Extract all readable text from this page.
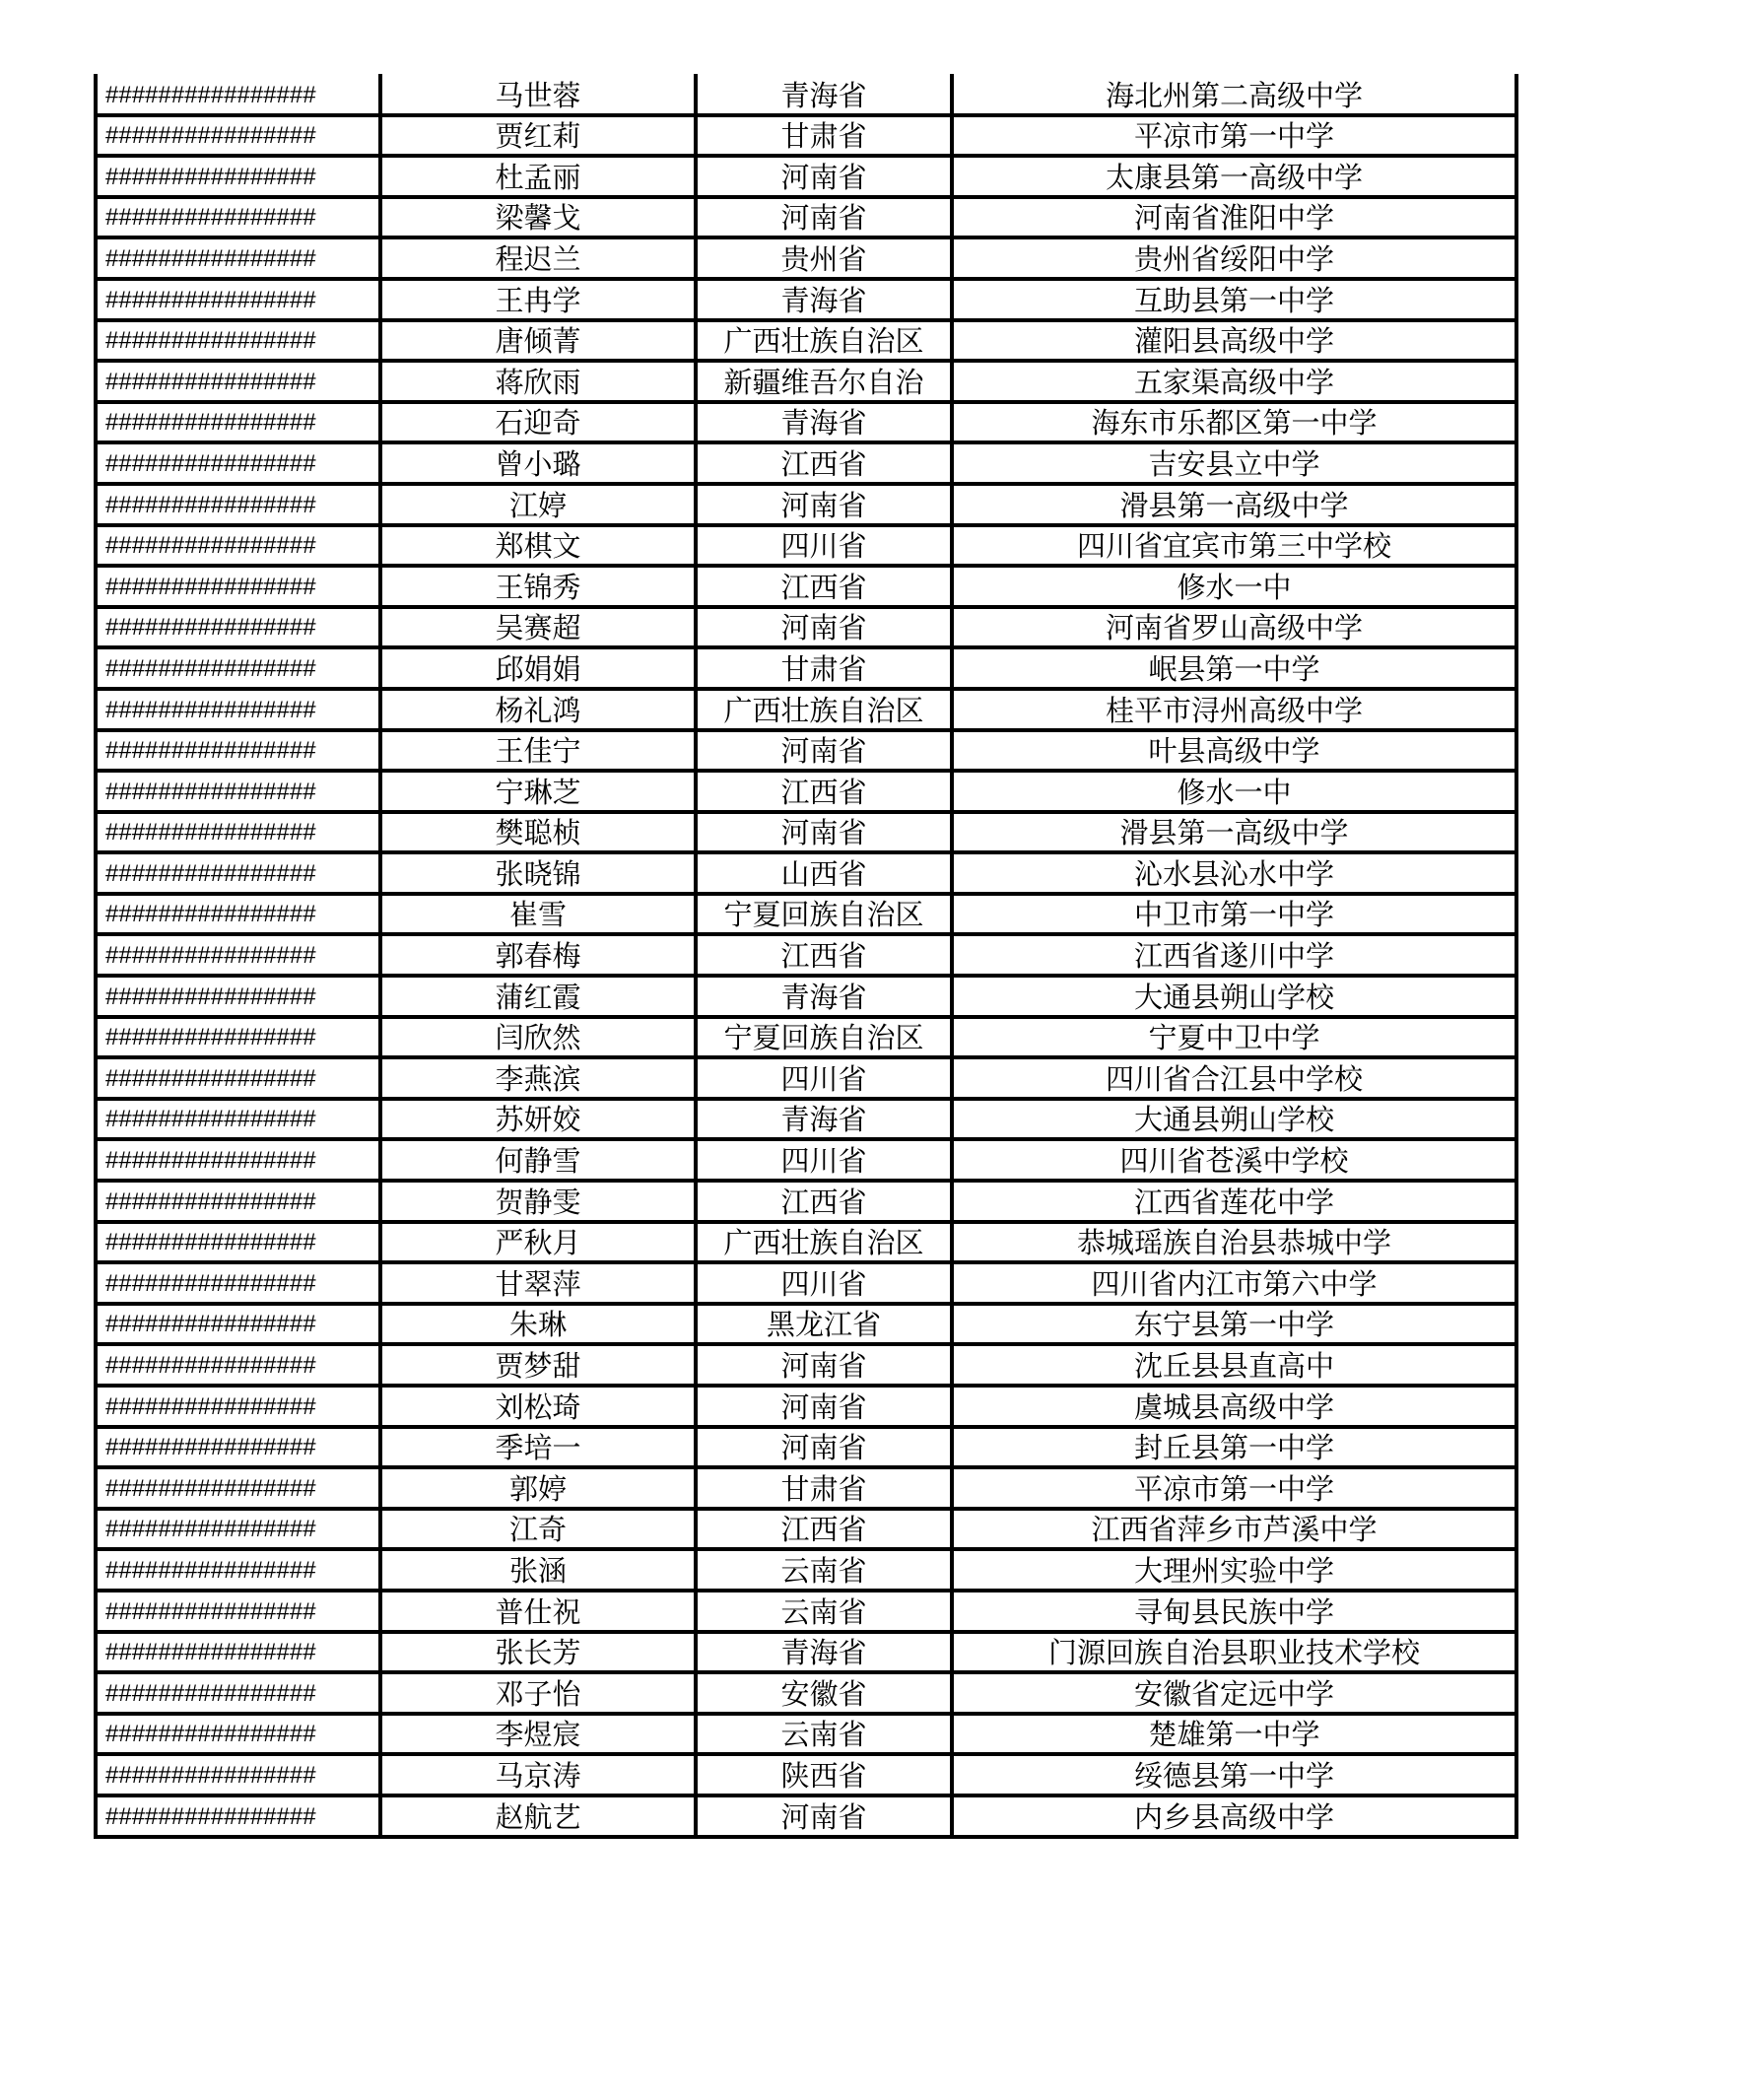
################	马世蓉	青海省	海北州第二高级中学
################	贾红莉	甘肃省	平凉市第一中学
################	杜孟丽	河南省	太康县第一高级中学
################	梁馨戈	河南省	河南省淮阳中学
################	程迟兰	贵州省	贵州省绥阳中学
################	王冉学	青海省	互助县第一中学
################	唐倾菁	广西壮族自治区	灌阳县高级中学
################	蒋欣雨	新疆维吾尔自治	五家渠高级中学
################	石迎奇	青海省	海东市乐都区第一中学
################	曾小璐	江西省	吉安县立中学
################	江婷	河南省	滑县第一高级中学
################	郑棋文	四川省	四川省宜宾市第三中学校
################	王锦秀	江西省	修水一中
################	吴赛超	河南省	河南省罗山高级中学
################	邱娟娟	甘肃省	岷县第一中学
################	杨礼鸿	广西壮族自治区	桂平市浔州高级中学
################	王佳宁	河南省	叶县高级中学
################	宁琳芝	江西省	修水一中
################	樊聪桢	河南省	滑县第一高级中学
################	张晓锦	山西省	沁水县沁水中学
################	崔雪	宁夏回族自治区	中卫市第一中学
################	郭春梅	江西省	江西省遂川中学
################	蒲红霞	青海省	大通县朔山学校
################	闫欣然	宁夏回族自治区	宁夏中卫中学
################	李燕滨	四川省	四川省合江县中学校
################	苏妍姣	青海省	大通县朔山学校
################	何静雪	四川省	四川省苍溪中学校
################	贺静雯	江西省	江西省莲花中学
################	严秋月	广西壮族自治区	恭城瑶族自治县恭城中学
################	甘翠萍	四川省	四川省内江市第六中学
################	朱琳	黑龙江省	东宁县第一中学
################	贾梦甜	河南省	沈丘县县直高中
################	刘松琦	河南省	虞城县高级中学
################	季培一	河南省	封丘县第一中学
################	郭婷	甘肃省	平凉市第一中学
################	江奇	江西省	江西省萍乡市芦溪中学
################	张涵	云南省	大理州实验中学
################	普仕祝	云南省	寻甸县民族中学
################	张长芳	青海省	门源回族自治县职业技术学校
################	邓子怡	安徽省	安徽省定远中学
################	李煜宸	云南省	楚雄第一中学
################	马京涛	陕西省	绥德县第一中学
################	赵航艺	河南省	内乡县高级中学
